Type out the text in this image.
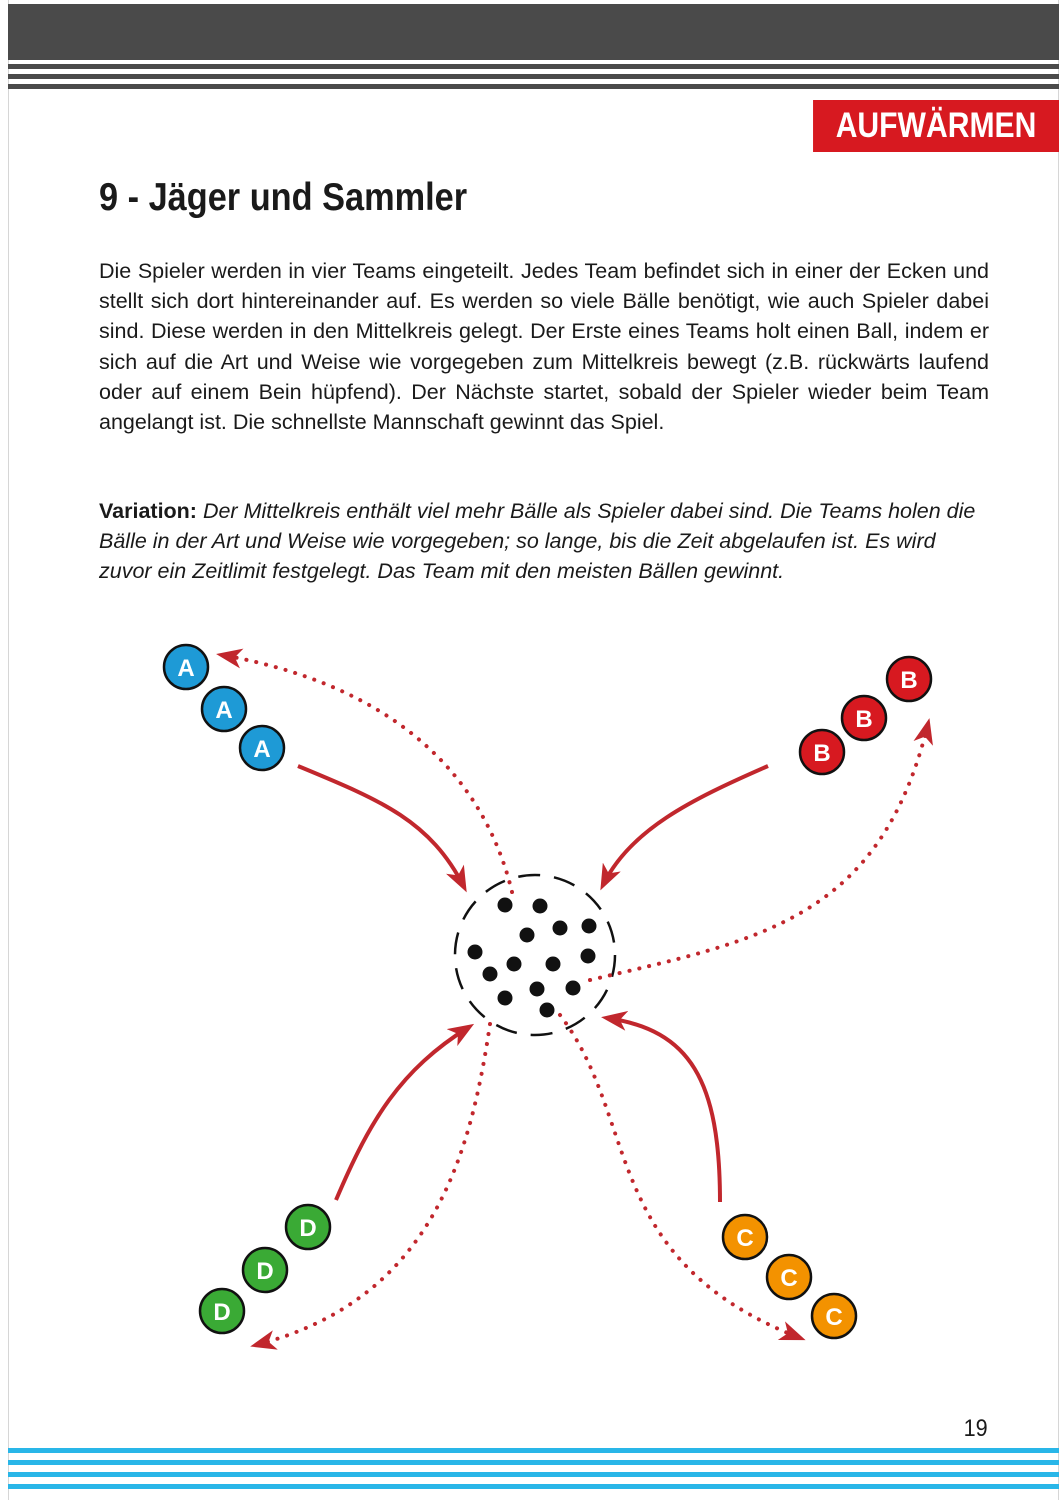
AUFWÄRMEN
9 - Jäger und Sammler

Die Spieler werden in vier Teams eingeteilt. Jedes Team befindet sich in einer der Ecken und stellt sich dort hintereinander auf. Es werden so viele Bälle benötigt, wie auch Spieler dabei sind. Diese werden in den Mittelkreis gelegt. Der Erste eines Teams holt einen Ball, indem er sich auf die Art und Weise wie vorgegeben zum Mittelkreis bewegt (z.B. rückwärts laufend oder auf einem Bein hüpfend). Der Nächste startet, sobald der Spieler wieder beim Team angelangt ist. Die schnellste Mannschaft gewinnt das Spiel.

Variation: Der Mittelkreis enthält viel mehr Bälle als Spieler dabei sind. Die Teams holen die Bälle in der Art und Weise wie vorgegeben; so lange, bis die Zeit abgelaufen ist. Es wird zuvor ein Zeitlimit festgelegt. Das Team mit den meisten Bällen gewinnt.

A
A
A
B
B
B
C
C
C
D
D
D
19
